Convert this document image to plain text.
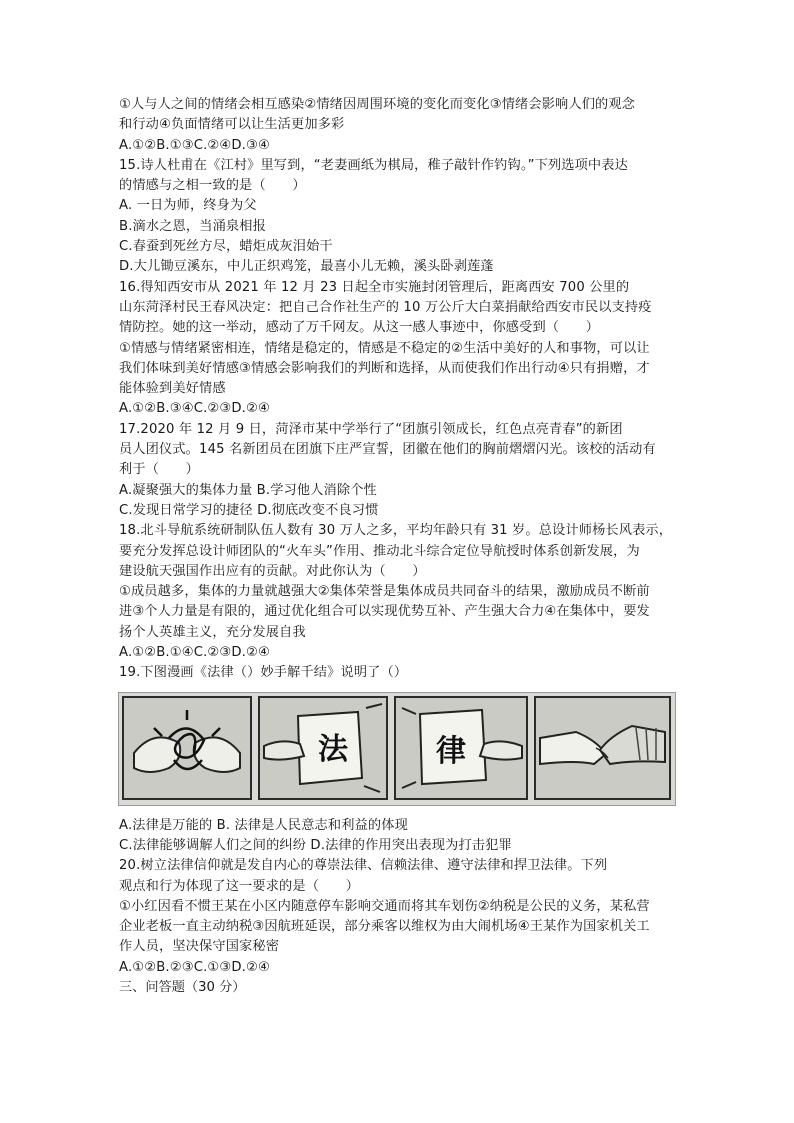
①人与人之间的情绪会相互感染②情绪因周围环境的变化而变化③情绪会影响人们的观念
和行动④负面情绪可以让生活更加多彩
A.①②B.①③C.②④D.③④
15.诗人杜甫在《江村》里写到，“老妻画纸为棋局，稚子敲针作钓钩。”下列选项中表达
的情感与之相一致的是（　　）
A. 一日为师，终身为父
B.滴水之恩，当涌泉相报
C.春蚕到死丝方尽，蜡炬成灰泪始干
D.大儿锄豆溪东，中儿正织鸡笼，最喜小儿无赖，溪头卧剥莲蓬
16.得知西安市从 2021 年 12 月 23 日起全市实施封闭管理后，距离西安 700 公里的
山东菏泽村民王春风决定：把自己合作社生产的 10 万公斤大白菜捐献给西安市民以支持疫
情防控。她的这一举动，感动了万千网友。从这一感人事迹中，你感受到（　　）
①情感与情绪紧密相连，情绪是稳定的，情感是不稳定的②生活中美好的人和事物，可以让
我们体味到美好情感③情感会影响我们的判断和选择，从而使我们作出行动④只有捐赠，才
能体验到美好情感
A.①②B.③④C.②③D.②④
17.2020 年 12 月 9 日，菏泽市某中学举行了“团旗引领成长，红色点亮青春”的新团
员人团仪式。145 名新团员在团旗下庄严宣誓，团徽在他们的胸前熠熠闪光。该校的活动有
利于（　　）
A.凝聚强大的集体力量 B.学习他人消除个性
C.发现日常学习的捷径 D.彻底改变不良习惯
18.北斗导航系统研制队伍人数有 30 万人之多，平均年龄只有 31 岁。总设计师杨长风表示，
要充分发挥总设计师团队的“火车头”作用、推动北斗综合定位导航授时体系创新发展，为
建设航天强国作出应有的贡献。对此你认为（　　）
①成员越多，集体的力量就越强大②集体荣誉是集体成员共同奋斗的结果，激励成员不断前
进③个人力量是有限的，通过优化组合可以实现优势互补、产生强大合力④在集体中，要发
扬个人英雄主义，充分发展自我
A.①②B.①④C.②③D.②④
19.下图漫画《法律（）妙手解千结》说明了（）
法	律
A.法律是万能的 B. 法律是人民意志和利益的体现
C.法律能够调解人们之间的纠纷 D.法律的作用突出表现为打击犯罪
20.树立法律信仰就是发自内心的尊崇法律、信赖法律、遵守法律和捍卫法律。下列
观点和行为体现了这一要求的是（　　）
①小红因看不惯王某在小区内随意停车影响交通而将其车划伤②纳税是公民的义务，某私营
企业老板一直主动纳税③因航班延误，部分乘客以维权为由大闹机场④王某作为国家机关工
作人员，坚决保守国家秘密
A.①②B.②③C.①③D.②④
三、问答题（30 分）
